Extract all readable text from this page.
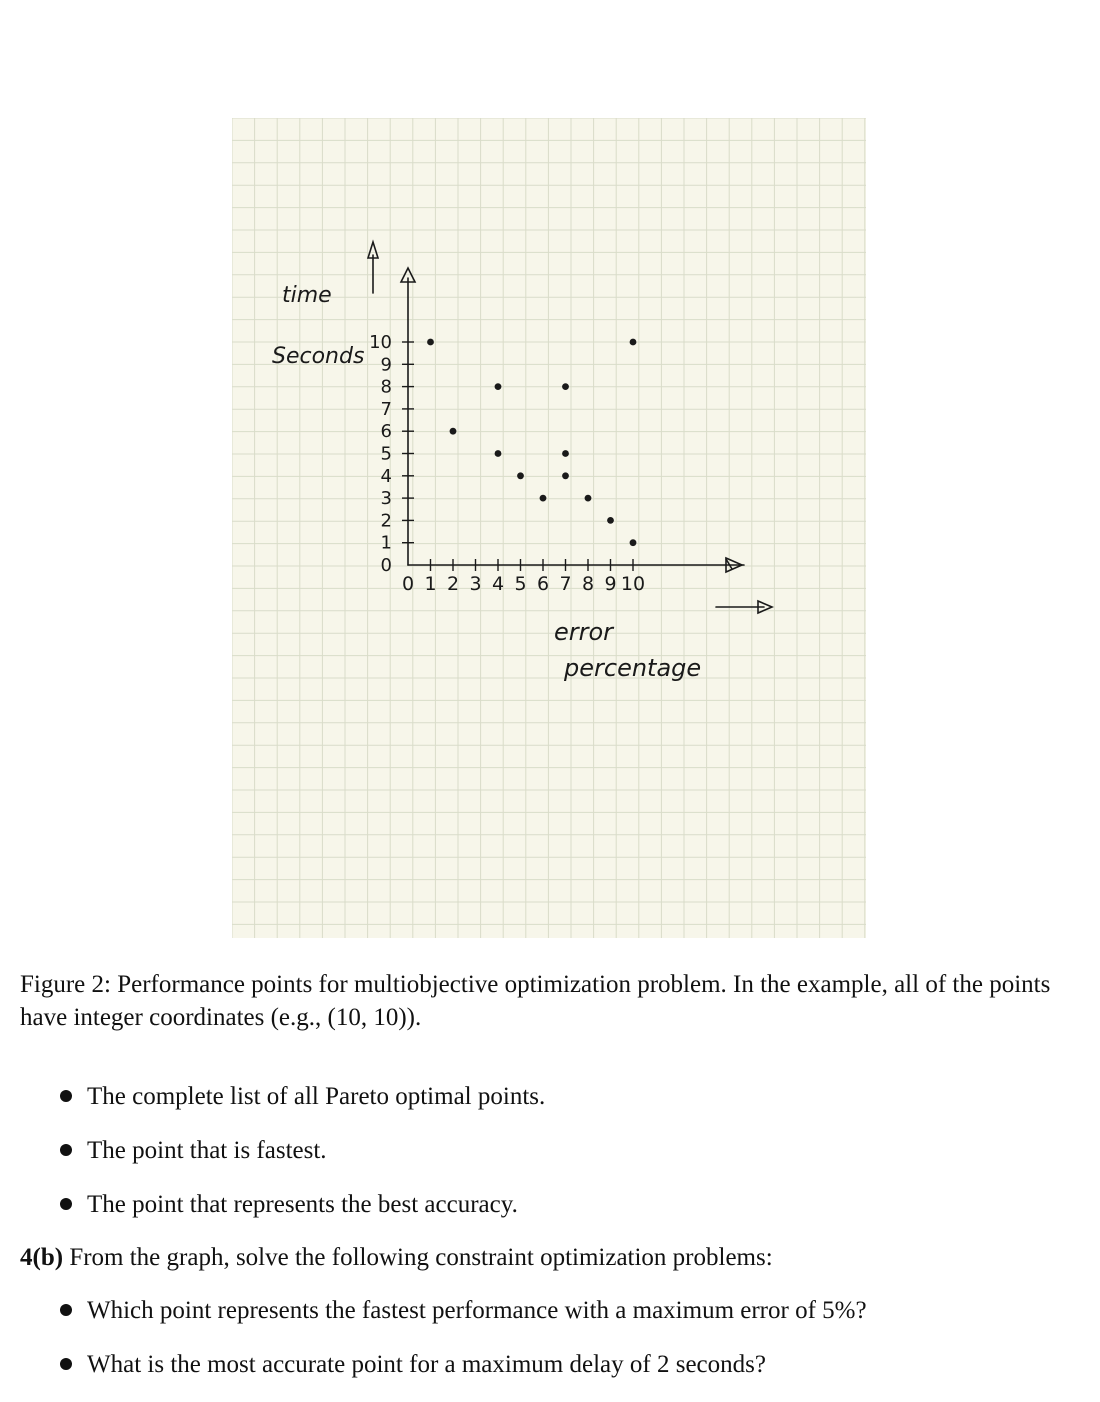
0 1 2 3 4 5 6 7 8 9 10
0
1
2
3
4
5
6
7
8
9
10
time
Seconds
error
percentage
Figure 2: Performance points for multiobjective optimization problem. In the example, all of the points have integer coordinates (e.g., (10, 10)).
The complete list of all Pareto optimal points.
The point that is fastest.
The point that represents the best accuracy.
4(b) From the graph, solve the following constraint optimization problems:
Which point represents the fastest performance with a maximum error of 5%?
What is the most accurate point for a maximum delay of 2 seconds?
